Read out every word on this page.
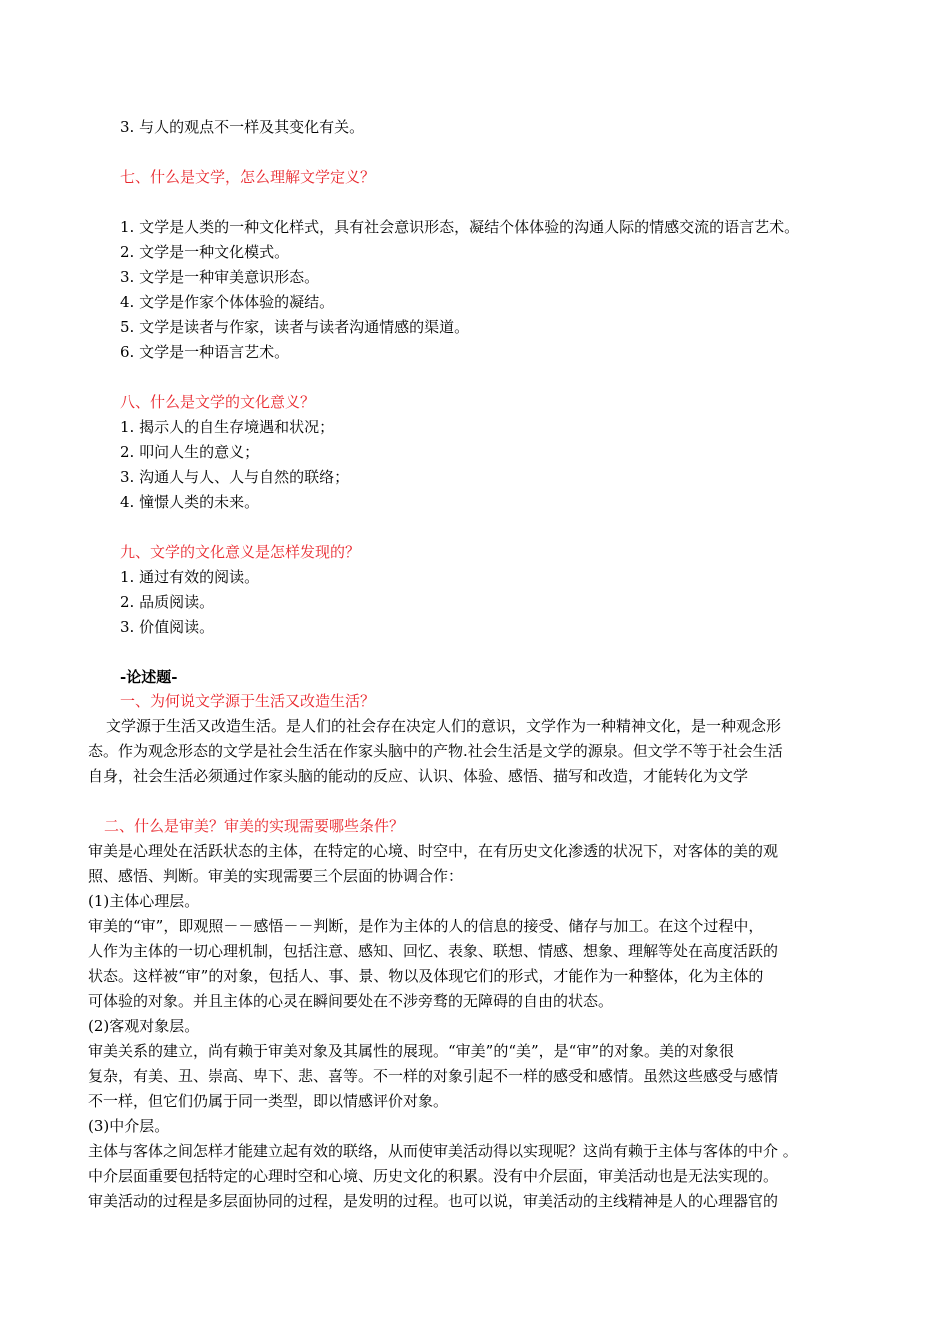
3. 与人的观点不一样及其变化有关。
七、什么是文学，怎么理解文学定义？
1. 文学是人类的一种文化样式，具有社会意识形态，凝结个体体验的沟通人际的情感交流的语言艺术。
2. 文学是一种文化模式。
3. 文学是一种审美意识形态。
4. 文学是作家个体体验的凝结。
5. 文学是读者与作家，读者与读者沟通情感的渠道。
6. 文学是一种语言艺术。
八、什么是文学的文化意义？
1. 揭示人的自生存境遇和状况；
2. 叩问人生的意义；
3. 沟通人与人、人与自然的联络；
4. 憧憬人类的未来。
九、文学的文化意义是怎样发现的？
1. 通过有效的阅读。
2. 品质阅读。
3. 价值阅读。
-论述题-
一、为何说文学源于生活又改造生活？
文学源于生活又改造生活。是人们的社会存在决定人们的意识，文学作为一种精神文化，是一种观念形
态。作为观念形态的文学是社会生活在作家头脑中的产物.社会生活是文学的源泉。但文学不等于社会生活
自身，社会生活必须通过作家头脑的能动的反应、认识、体验、感悟、描写和改造，才能转化为文学
二、什么是审美？审美的实现需要哪些条件？
审美是心理处在活跃状态的主体，在特定的心境、时空中，在有历史文化渗透的状况下，对客体的美的观
照、感悟、判断。审美的实现需要三个层面的协调合作：
(1)主体心理层。
审美的“审”，即观照－－感悟－－判断，是作为主体的人的信息的接受、储存与加工。在这个过程中，
人作为主体的一切心理机制，包括注意、感知、回忆、表象、联想、情感、想象、理解等处在高度活跃的
状态。这样被“审”的对象，包括人、事、景、物以及体现它们的形式，才能作为一种整体，化为主体的
可体验的对象。并且主体的心灵在瞬间要处在不涉旁骛的无障碍的自由的状态。
(2)客观对象层。
审美关系的建立，尚有赖于审美对象及其属性的展现。“审美”的“美”，是“审”的对象。美的对象很
复杂，有美、丑、崇高、卑下、悲、喜等。不一样的对象引起不一样的感受和感情。虽然这些感受与感情
不一样，但它们仍属于同一类型，即以情感评价对象。
(3)中介层。
主体与客体之间怎样才能建立起有效的联络，从而使审美活动得以实现呢？这尚有赖于主体与客体的中介 。
中介层面重要包括特定的心理时空和心境、历史文化的积累。没有中介层面，审美活动也是无法实现的。
审美活动的过程是多层面协同的过程，是发明的过程。也可以说，审美活动的主线精神是人的心理器官的
